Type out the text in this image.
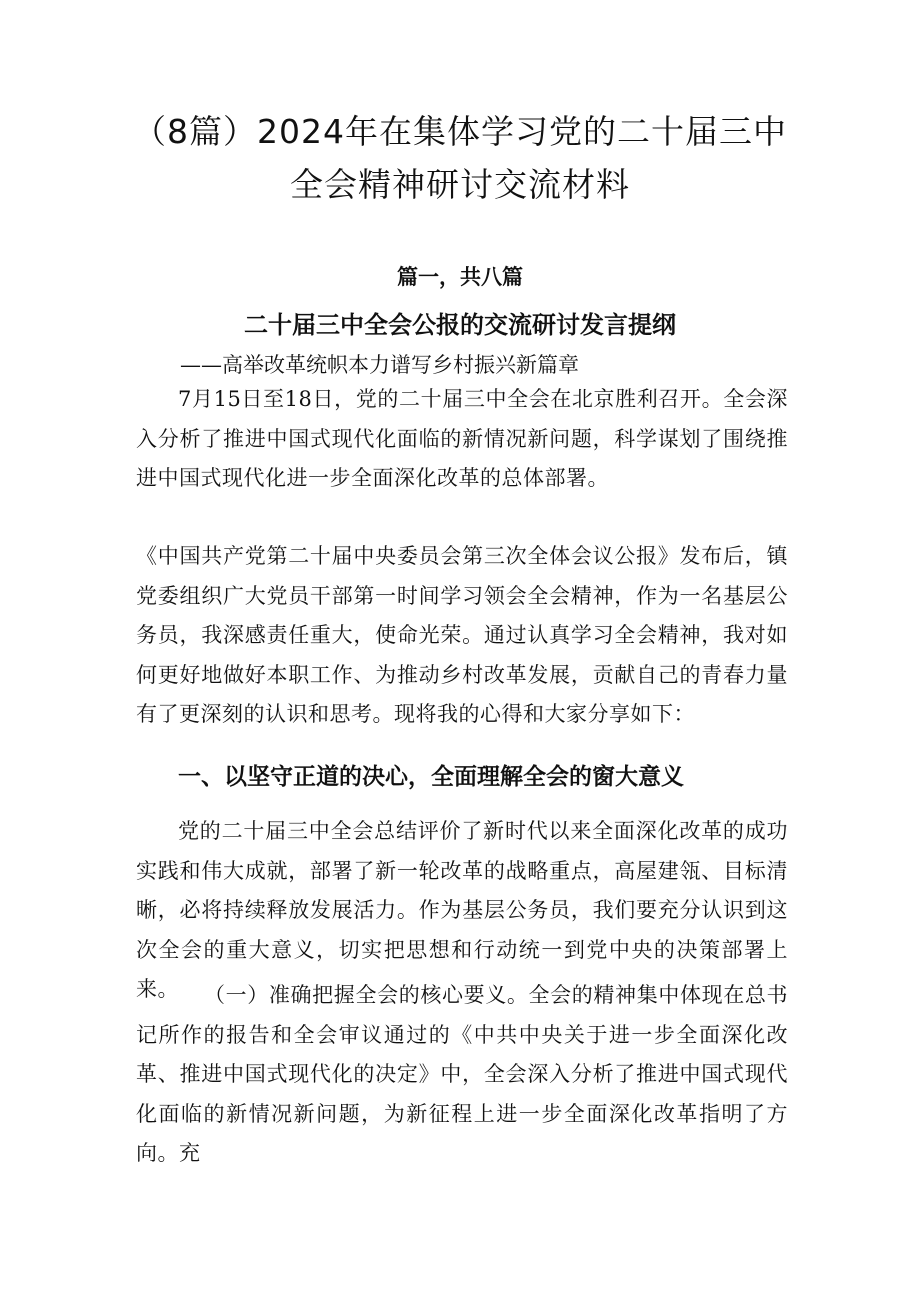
（8篇）2024年在集体学习党的二十届三中
全会精神研讨交流材料

篇一，共八篇

二十届三中全会公报的交流研讨发言提纲

——高举改革统帜本力谱写乡村振兴新篇章

7月15日至18日，党的二十届三中全会在北京胜利召开。全会深入分析了推进中国式现代化面临的新情况新问题，科学谋划了围绕推进中国式现代化进一步全面深化改革的总体部署。

《中国共产党第二十届中央委员会第三次全体会议公报》发布后，镇党委组织广大党员干部第一时间学习领会全会精神，作为一名基层公务员，我深感责任重大，使命光荣。通过认真学习全会精神，我对如何更好地做好本职工作、为推动乡村改革发展，贡献自己的青春力量有了更深刻的认识和思考。现将我的心得和大家分享如下：

一、以坚守正道的决心，全面理解全会的窗大意义

党的二十届三中全会总结评价了新时代以来全面深化改革的成功实践和伟大成就，部署了新一轮改革的战略重点，高屋建瓴、目标清晰，必将持续释放发展活力。作为基层公务员，我们要充分认识到这次全会的重大意义，切实把思想和行动统一到党中央的决策部署上来。	（一）准确把握全会的核心要义。全会的精神集中体现在总书记所作的报告和全会审议通过的《中共中央关于进一步全面深化改革、推进中国式现代化的决定》中，全会深入分析了推进中国式现代化面临的新情况新问题，为新征程上进一步全面深化改革指明了方向。充
